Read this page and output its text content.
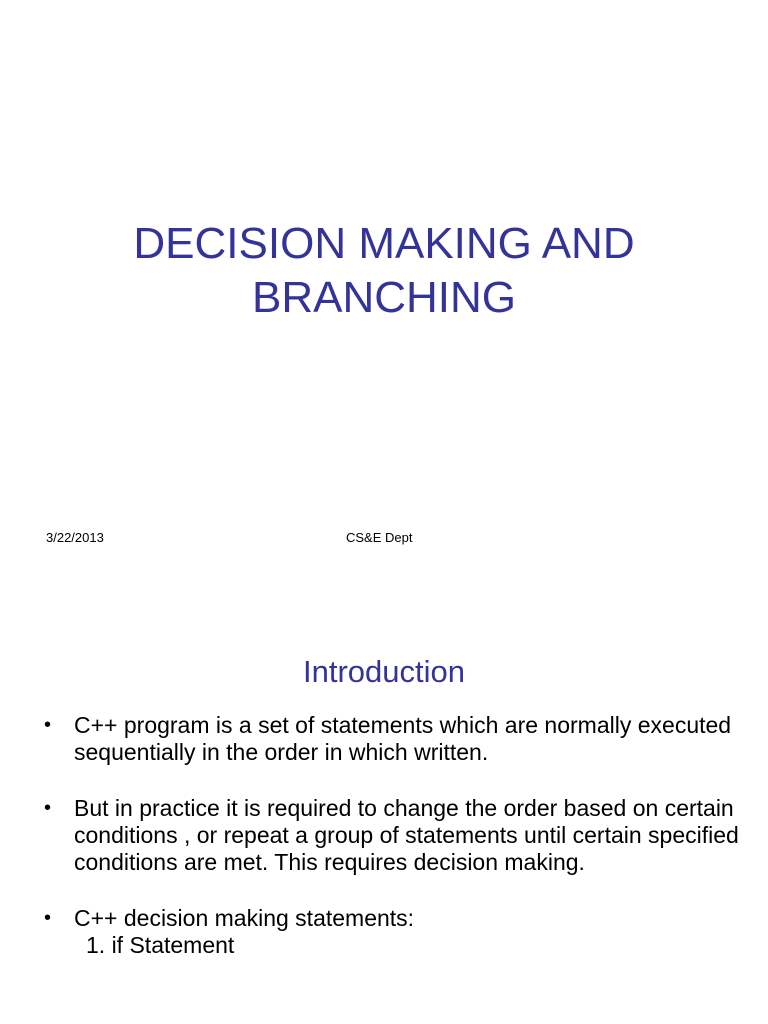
DECISION MAKING AND
BRANCHING
3/22/2013	CS&E Dept
Introduction
• C++ program is a set of statements which are normally executed sequentially in the order in which written.
• But in practice it is required to change the order based on certain conditions , or repeat a group of statements until certain specified conditions are met. This requires decision making.
• C++ decision making statements:
1. if Statement
